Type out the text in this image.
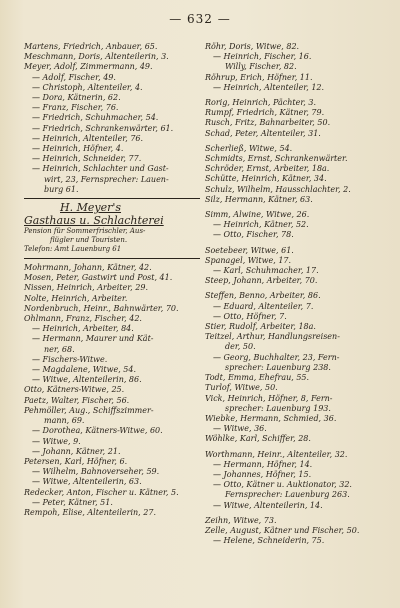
— 632 —
Martens, Friedrich, Anbauer, 65.
Meschmann, Doris, Altenteilerin, 3.
Meyer, Adolf, Zimmermann, 49.
— Adolf, Fischer, 49.
— Christoph, Altenteiler, 4.
— Dora, Kätnerin, 62.
— Franz, Fischer, 76.
— Friedrich, Schuhmacher, 54.
— Friedrich, Schrankenwärter, 61.
— Heinrich, Altenteiler, 76.
— Heinrich, Höfner, 4.
— Heinrich, Schneider, 77.
— Heinrich, Schlachter und Gast-
wirt, 23, Fernsprecher: Lauen-
burg 61.
H. Meyer's
Gasthaus u. Schlachterei
Pension für Sommerfrischler, Aus-
flügler und Touristen.
Telefon: Amt Lauenburg 61
Mohrmann, Johann, Kätner, 42.
Mosen, Peter, Gastwirt und Post, 41.
Nissen, Heinrich, Arbeiter, 29.
Nolte, Heinrich, Arbeiter.
Nordenbruch, Heinr., Bahnwärter, 70.
Ohlmann, Franz, Fischer, 42.
— Heinrich, Arbeiter, 84.
— Hermann, Maurer und Kät-
ner, 68.
— Fischers-Witwe.
— Magdalene, Witwe, 54.
— Witwe, Altenteilerin, 86.
Otto, Kätners-Witwe, 25.
Paetz, Walter, Fischer, 56.
Pehmöller, Aug., Schiffszimmer-
mann, 69.
— Dorothea, Kätners-Witwe, 60.
— Witwe, 9.
— Johann, Kätner, 21.
Petersen, Karl, Höfner, 6.
— Wilhelm, Bahnoverseher, 59.
— Witwe, Altenteilerin, 63.
Redecker, Anton, Fischer u. Kätner, 5.
— Peter, Kätner, 51.
Rempoh, Elise, Altenteilerin, 27.
Röhr, Doris, Witwe, 82.
— Heinrich, Fischer, 16.
Willy, Fischer, 82.
Röhrup, Erich, Höfner, 11.
— Heinrich, Altenteiler, 12.
Rorig, Heinrich, Pächter, 3.
Rumpf, Friedrich, Kätner, 79.
Rusch, Fritz, Bahnarbeiter, 50.
Schad, Peter, Altenteiler, 31.
Scherließ, Witwe, 54.
Schmidts, Ernst, Schrankenwärter.
Schröder, Ernst, Arbeiter, 18a.
Schütte, Heinrich, Kätner, 34.
Schulz, Wilhelm, Hausschlachter, 2.
Silz, Hermann, Kätner, 63.
Simm, Alwine, Witwe, 26.
— Heinrich, Kätner, 52.
— Otto, Fischer, 78.
Soetebeer, Witwe, 61.
Spanagel, Witwe, 17.
— Karl, Schuhmacher, 17.
Steep, Johann, Arbeiter, 70.
Steffen, Benno, Arbeiter, 86.
— Eduard, Altenteiler, 7.
— Otto, Höfner, 7.
Stier, Rudolf, Arbeiter, 18a.
Teitzel, Arthur, Handlungsreisen-
der, 50.
— Georg, Buchhalter, 23, Fern-
sprecher: Lauenburg 238.
Todt, Emma, Ehefrau, 55.
Turlof, Witwe, 50.
Vick, Heinrich, Höfner, 8, Fern-
sprecher: Lauenburg 193.
Wiebke, Hermann, Schmied, 36.
— Witwe, 36.
Wöhlke, Karl, Schiffer, 28.
Worthmann, Heinr., Altenteiler, 32.
— Hermann, Höfner, 14.
— Johannes, Höfner, 15.
— Otto, Kätner u. Auktionator, 32.
Fernsprecher: Lauenburg 263.
— Witwe, Altenteilerin, 14.
Zeihn, Witwe, 73.
Zelle, August, Kätner und Fischer, 50.
— Helene, Schneiderin, 75.
